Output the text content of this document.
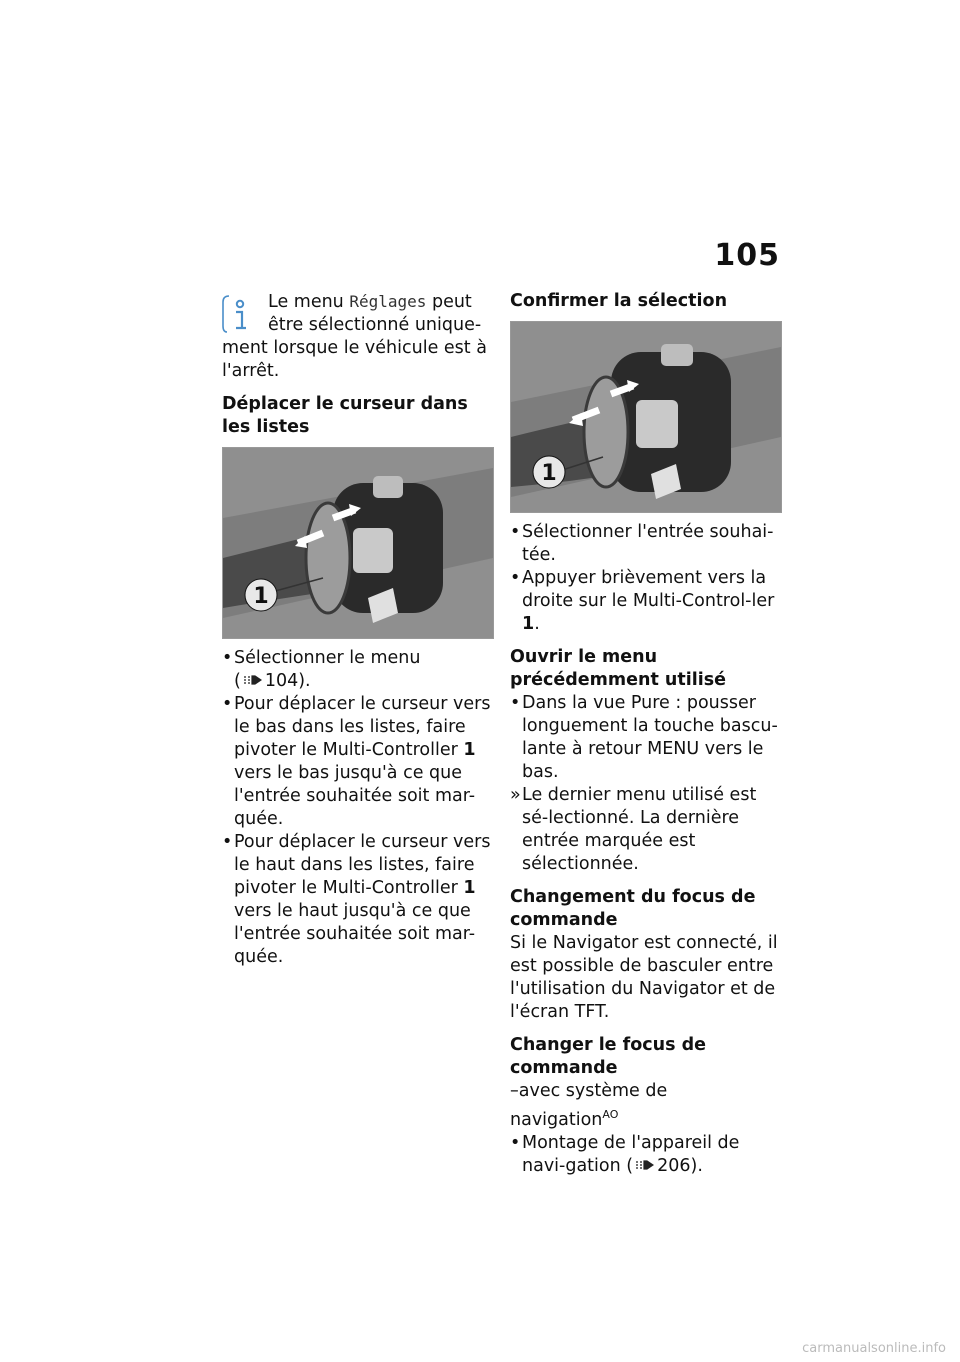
105

Le menu Réglages peut être sélectionné unique-

ment lorsque le véhicule est à l'arrêt.

Déplacer le curseur dans les listes

1
• Sélectionner le menu
( 104).
• Pour déplacer le curseur vers le bas dans les listes, faire pivoter le Multi-Controller 1 vers le bas jusqu'à ce que l'entrée souhaitée soit mar-quée.
• Pour déplacer le curseur vers le haut dans les listes, faire pivoter le Multi-Controller 1 vers le haut jusqu'à ce que l'entrée souhaitée soit mar-quée.

Confirmer la sélection

1
• Sélectionner l'entrée souhai-tée.
• Appuyer brièvement vers la droite sur le Multi-Control-ler 1.

Ouvrir le menu précédemment utilisé

• Dans la vue Pure : pousser longuement la touche bascu-lante à retour MENU vers le bas.
» Le dernier menu utilisé est sé-lectionné. La dernière entrée marquée est sélectionnée.

Changement du focus de commande

Si le Navigator est connecté, il est possible de basculer entre l'utilisation du Navigator et de l'écran TFT.

Changer le focus de commande

–avec système de navigation$^{AO}$

• Montage de l'appareil de navi-gation ( 206).
carmanualsonline.info
